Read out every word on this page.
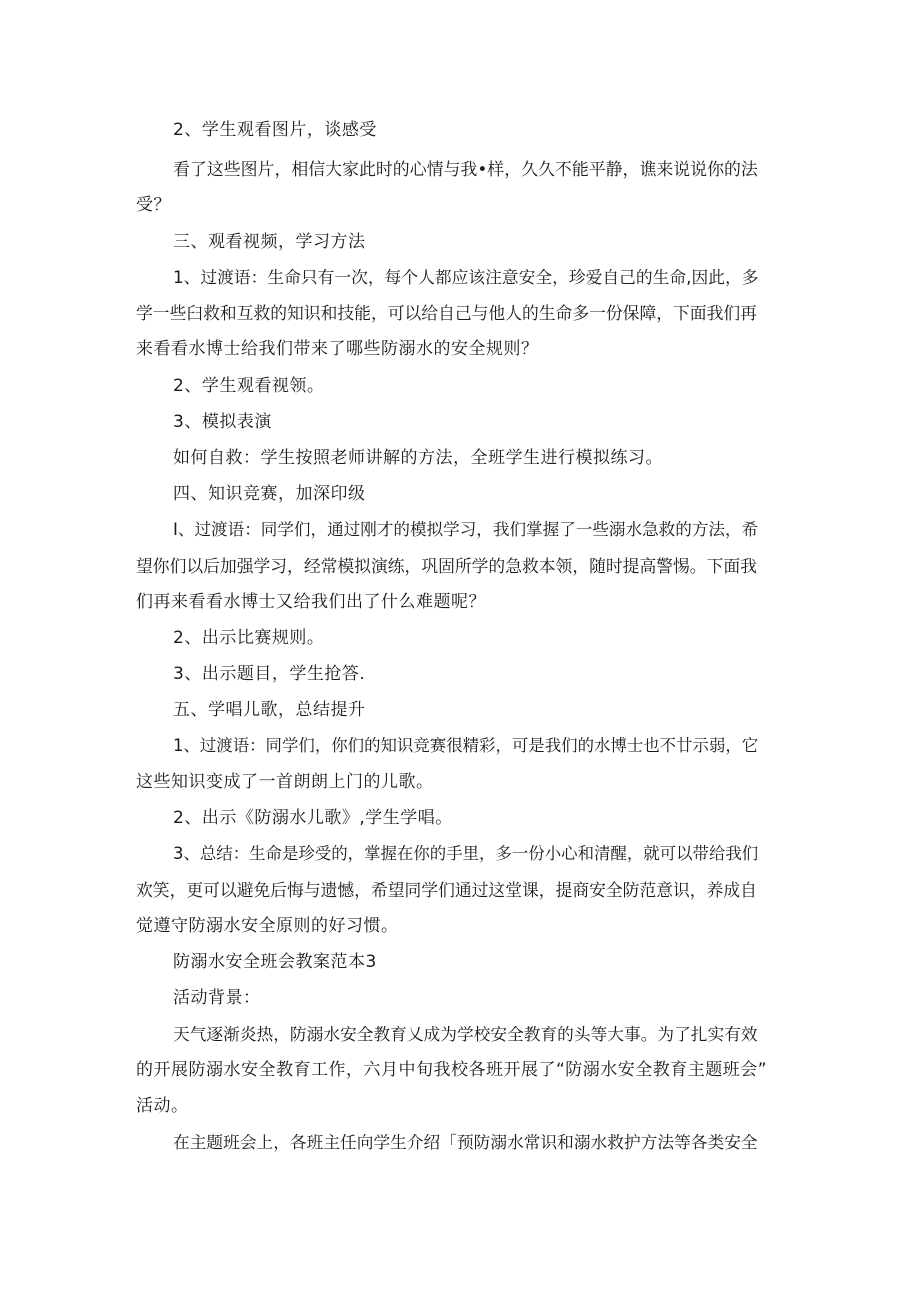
2、学生观看图片，谈感受
看了这些图片，相信大家此时的心情与我•样，久久不能平静，谯来说说你的法
受？
三、观看视频，学习方法
1、过渡语：生命只有一次，每个人都应该注意安全，珍爱自己的生命,因此，多
学一些臼救和互救的知识和技能，可以给自己与他人的生命多一份保障，下面我们再
来看看水博士给我们带来了哪些防溺水的安全规则？
2、学生观看视领。
3、模拟表演
如何自救：学生按照老师讲解的方法，全班学生进行模拟练习。
四、知识竞赛，加深印级
I、过渡语：同学们，通过刚才的模拟学习，我们掌握了一些溺水急救的方法，希
望你们以后加强学习，经常模拟演练，巩固所学的急救本领，随时提高警惕。下面我
们再来看看水博士又给我们出了什么难题呢？
2、出示比赛规则。
3、出示题目，学生抢答.
五、学唱儿歌，总结提升
1、过渡语：同学们，你们的知识竞赛很精彩，可是我们的水博士也不廿示弱，它
这些知识变成了一首朗朗上门的儿歌。
2、出示《防溺水儿歌》,学生学唱。
3、总结：生命是珍受的，掌握在你的手里，多一份小心和清醒，就可以带给我们
欢笑，更可以避免后悔与遗憾，希望同学们通过这堂课，提商安全防范意识，养成自
觉遵守防溺水安全原则的好习惯。
防溺水安全班会教案范本3
活动背景：
天气逐渐炎热，防溺水安全教育乂成为学校安全教育的头等大事。为了扎实有效
的开展防溺水安全教育工作，六月中旬我校各班开展了“防溺水安全教育主题班会”
活动。
在主题班会上，各班主任向学生介绍「预防溺水常识和溺水救护方法等各类安全
